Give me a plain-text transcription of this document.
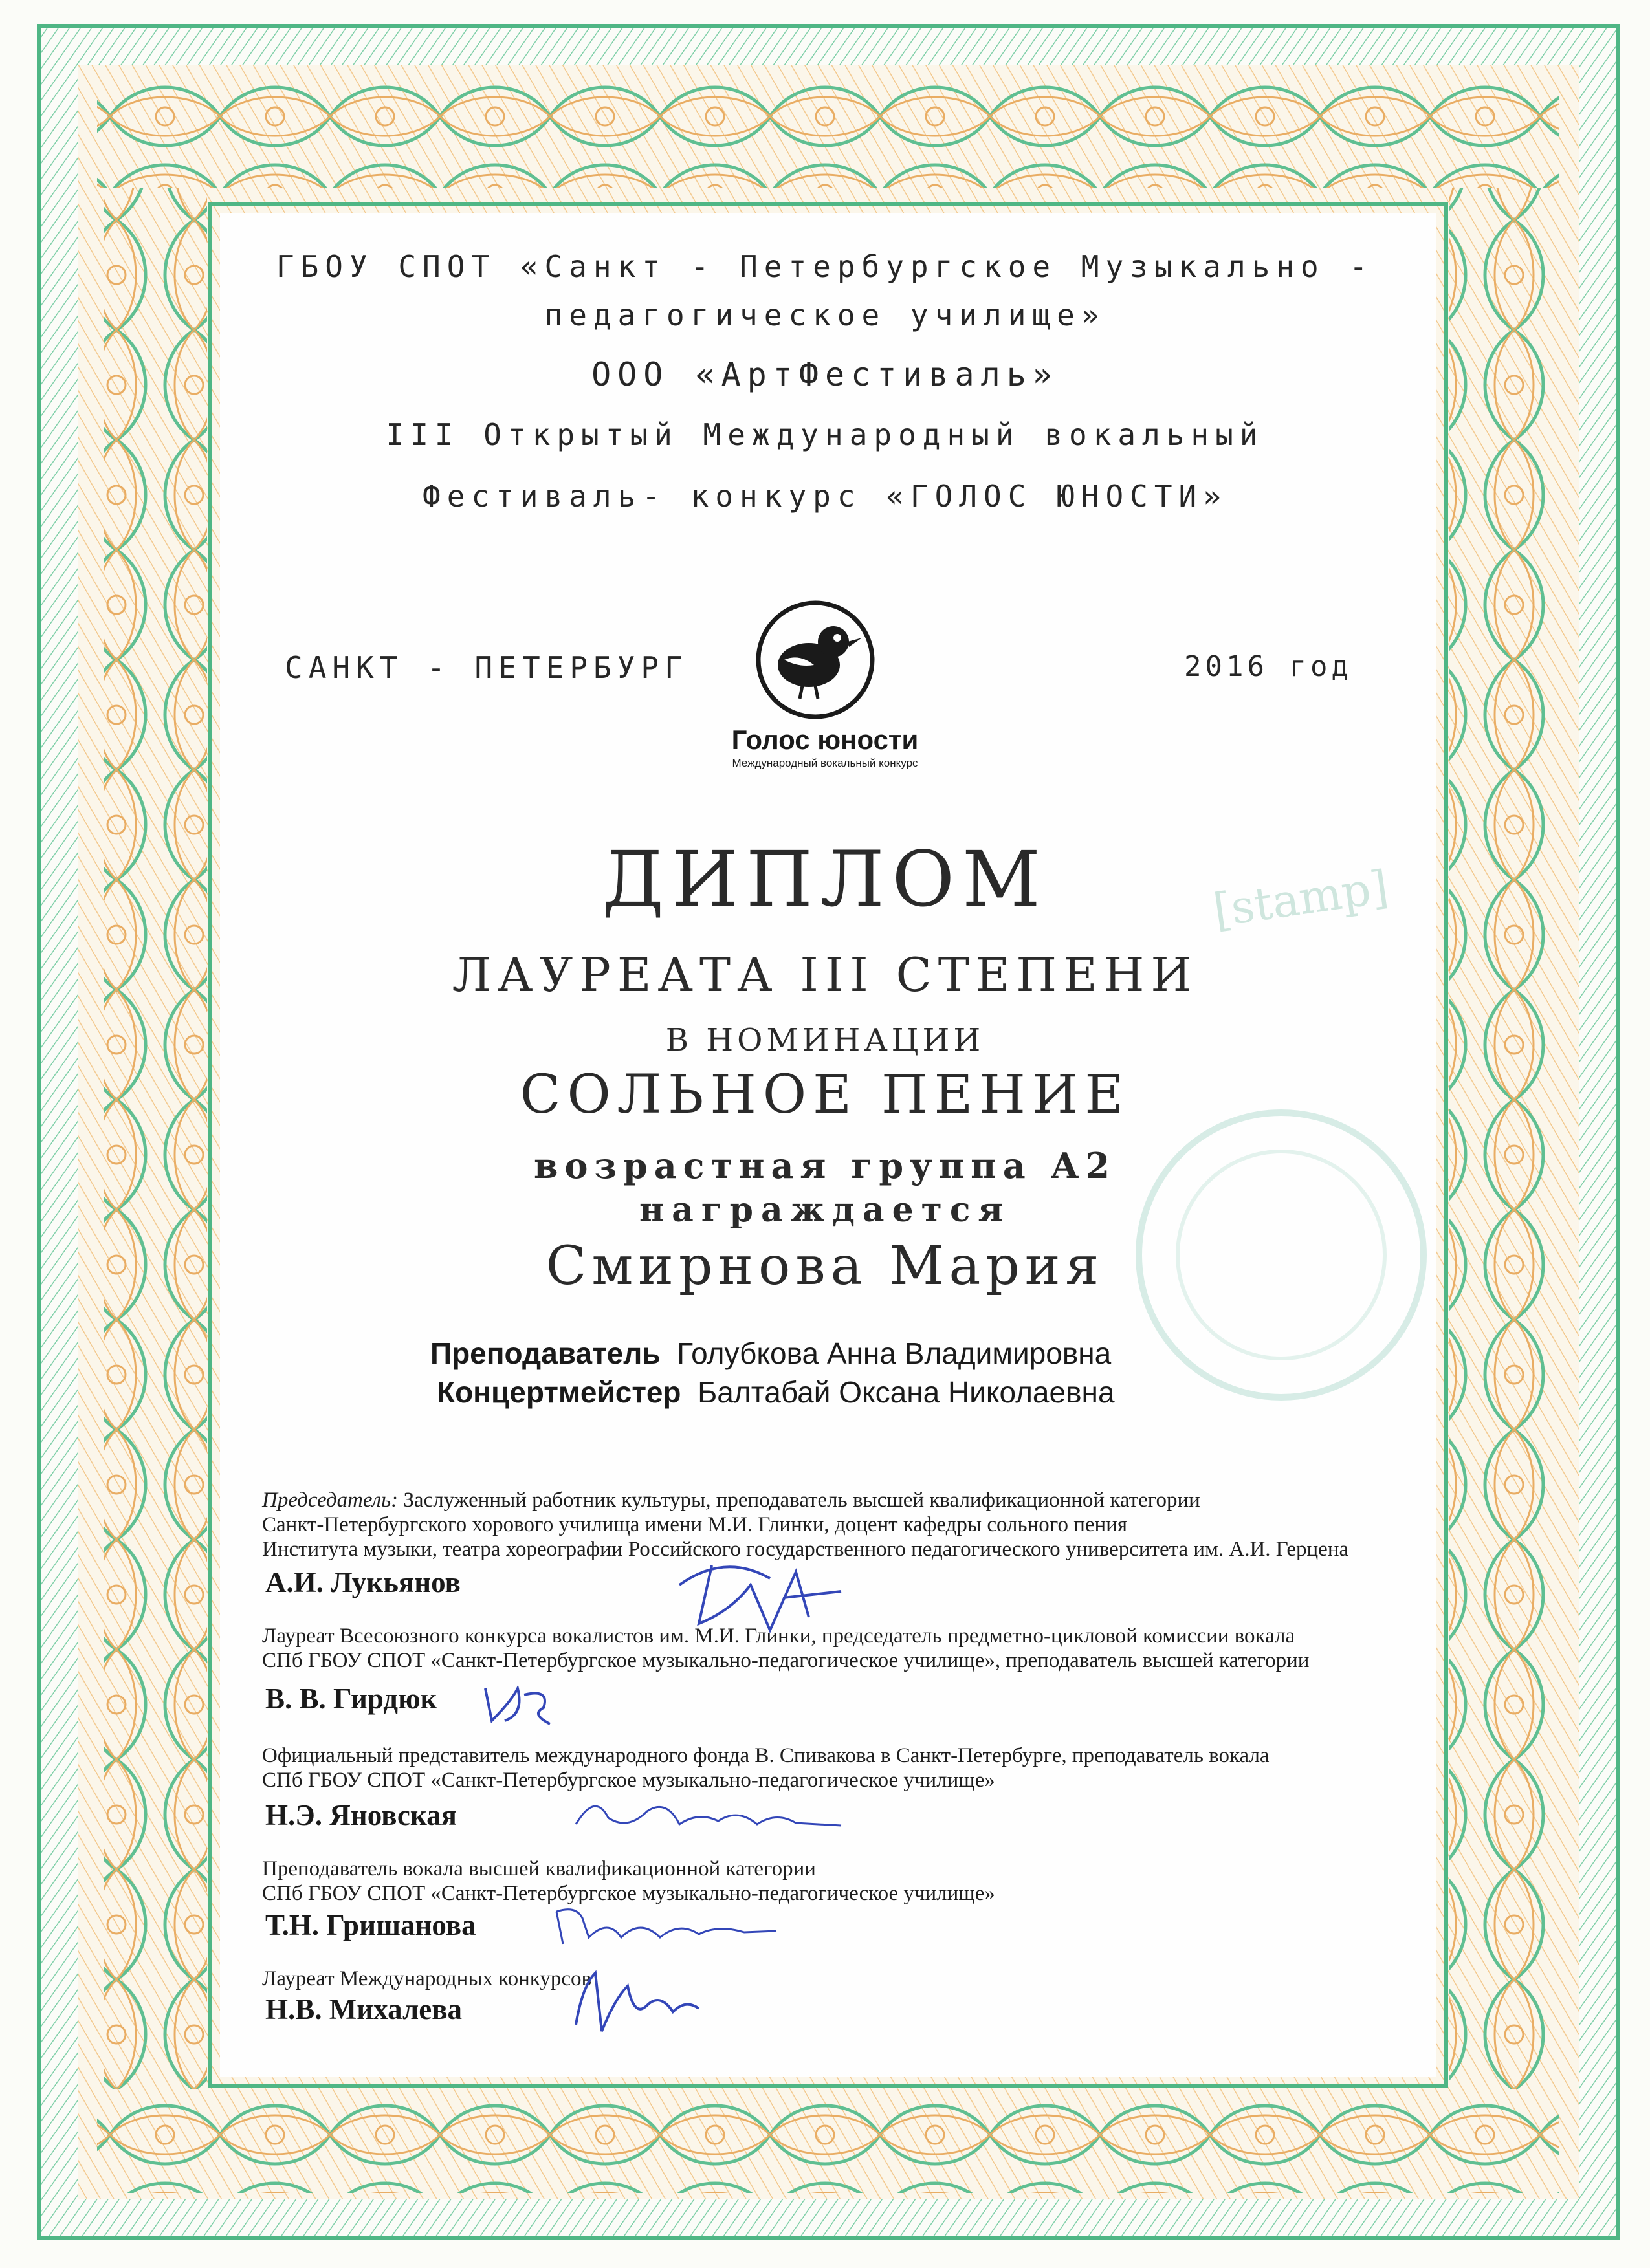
[stamp]
ГБОУ СПОТ «Санкт - Петербургское Музыкально -
педагогическое училище»
ООО «АртФестиваль»
III Открытый Международный вокальный
Фестиваль- конкурс «ГОЛОС ЮНОСТИ»
САНКТ - ПЕТЕРБУРГ	2016 год
Голос юности
Международный вокальный конкурс
ДИПЛОМ
ЛАУРЕАТА III СТЕПЕНИ
В НОМИНАЦИИ
СОЛЬНОЕ ПЕНИЕ
возрастная группа А2
награждается
Смирнова Мария
Преподаватель Голубкова Анна Владимировна
Концертмейстер Балтабай Оксана Николаевна
Председатель: Заслуженный работник культуры, преподаватель высшей квалификационной категории
Санкт-Петербургского хорового училища имени М.И. Глинки, доцент кафедры сольного пения
Института музыки, театра хореографии Российского государственного педагогического университета им. А.И. Герцена
А.И. Лукьянов
Лауреат Всесоюзного конкурса вокалистов им. М.И. Глинки, председатель предметно-цикловой комиссии вокала
СПб ГБОУ СПОТ «Санкт-Петербургское музыкально-педагогическое училище», преподаватель высшей категории
В. В. Гирдюк
Официальный представитель международного фонда В. Спивакова в Санкт-Петербурге, преподаватель вокала
СПб ГБОУ СПОТ «Санкт-Петербургское музыкально-педагогическое училище»
Н.Э. Яновская
Преподаватель вокала высшей квалификационной категории
СПб ГБОУ СПОТ «Санкт-Петербургское музыкально-педагогическое училище»
Т.Н. Гришанова
Лауреат Международных конкурсов
Н.В. Михалева
